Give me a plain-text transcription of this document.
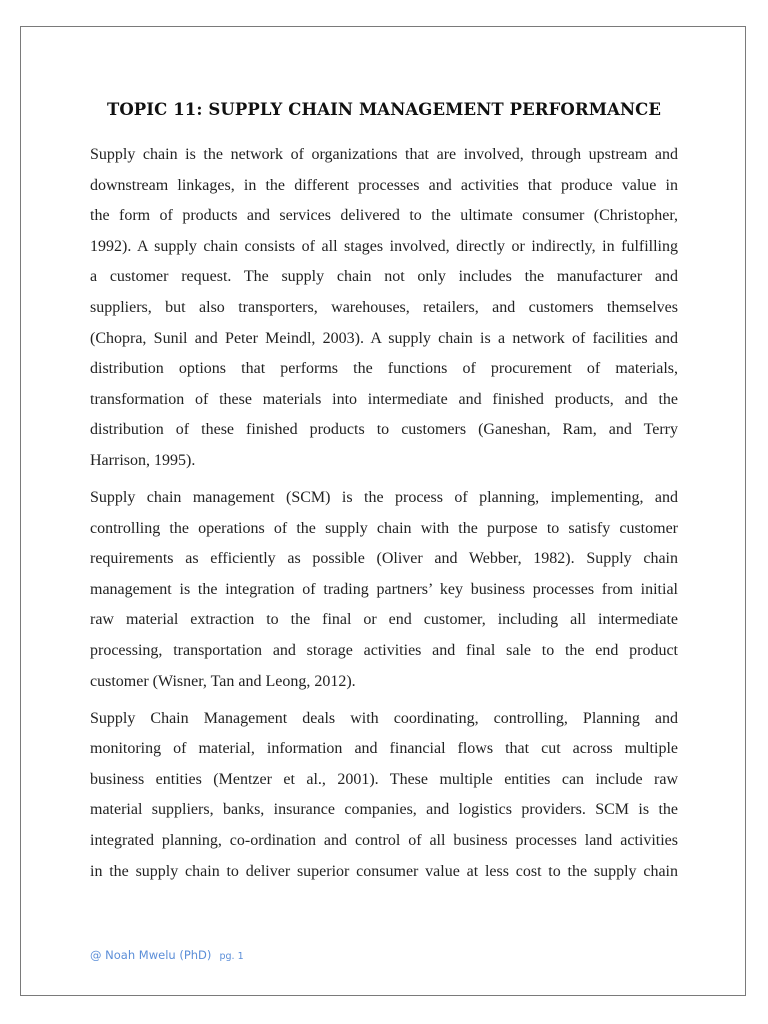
TOPIC 11: SUPPLY CHAIN MANAGEMENT PERFORMANCE
Supply chain is the network of organizations that are involved, through upstream and
downstream linkages, in the different processes and activities that produce value in
the form of products and services delivered to the ultimate consumer (Christopher,
1992). A supply chain consists of all stages involved, directly or indirectly, in fulfilling
a customer request. The supply chain not only includes the manufacturer and
suppliers, but also transporters, warehouses, retailers, and customers themselves
(Chopra, Sunil and Peter Meindl, 2003). A supply chain is a network of facilities and
distribution options that performs the functions of procurement of materials,
transformation of these materials into intermediate and finished products, and the
distribution of these finished products to customers (Ganeshan, Ram, and Terry
Harrison, 1995).
Supply chain management (SCM) is the process of planning, implementing, and
controlling the operations of the supply chain with the purpose to satisfy customer
requirements as efficiently as possible (Oliver and Webber, 1982). Supply chain
management is the integration of trading partners’ key business processes from initial
raw material extraction to the final or end customer, including all intermediate
processing, transportation and storage activities and final sale to the end product
customer (Wisner, Tan and Leong, 2012).
Supply Chain Management deals with coordinating, controlling, Planning and
monitoring of material, information and financial flows that cut across multiple
business entities (Mentzer et al., 2001). These multiple entities can include raw
material suppliers, banks, insurance companies, and logistics providers. SCM is the
integrated planning, co-ordination and control of all business processes land activities
in the supply chain to deliver superior consumer value at less cost to the supply chain
@ Noah Mwelu (PhD) pg. 1
